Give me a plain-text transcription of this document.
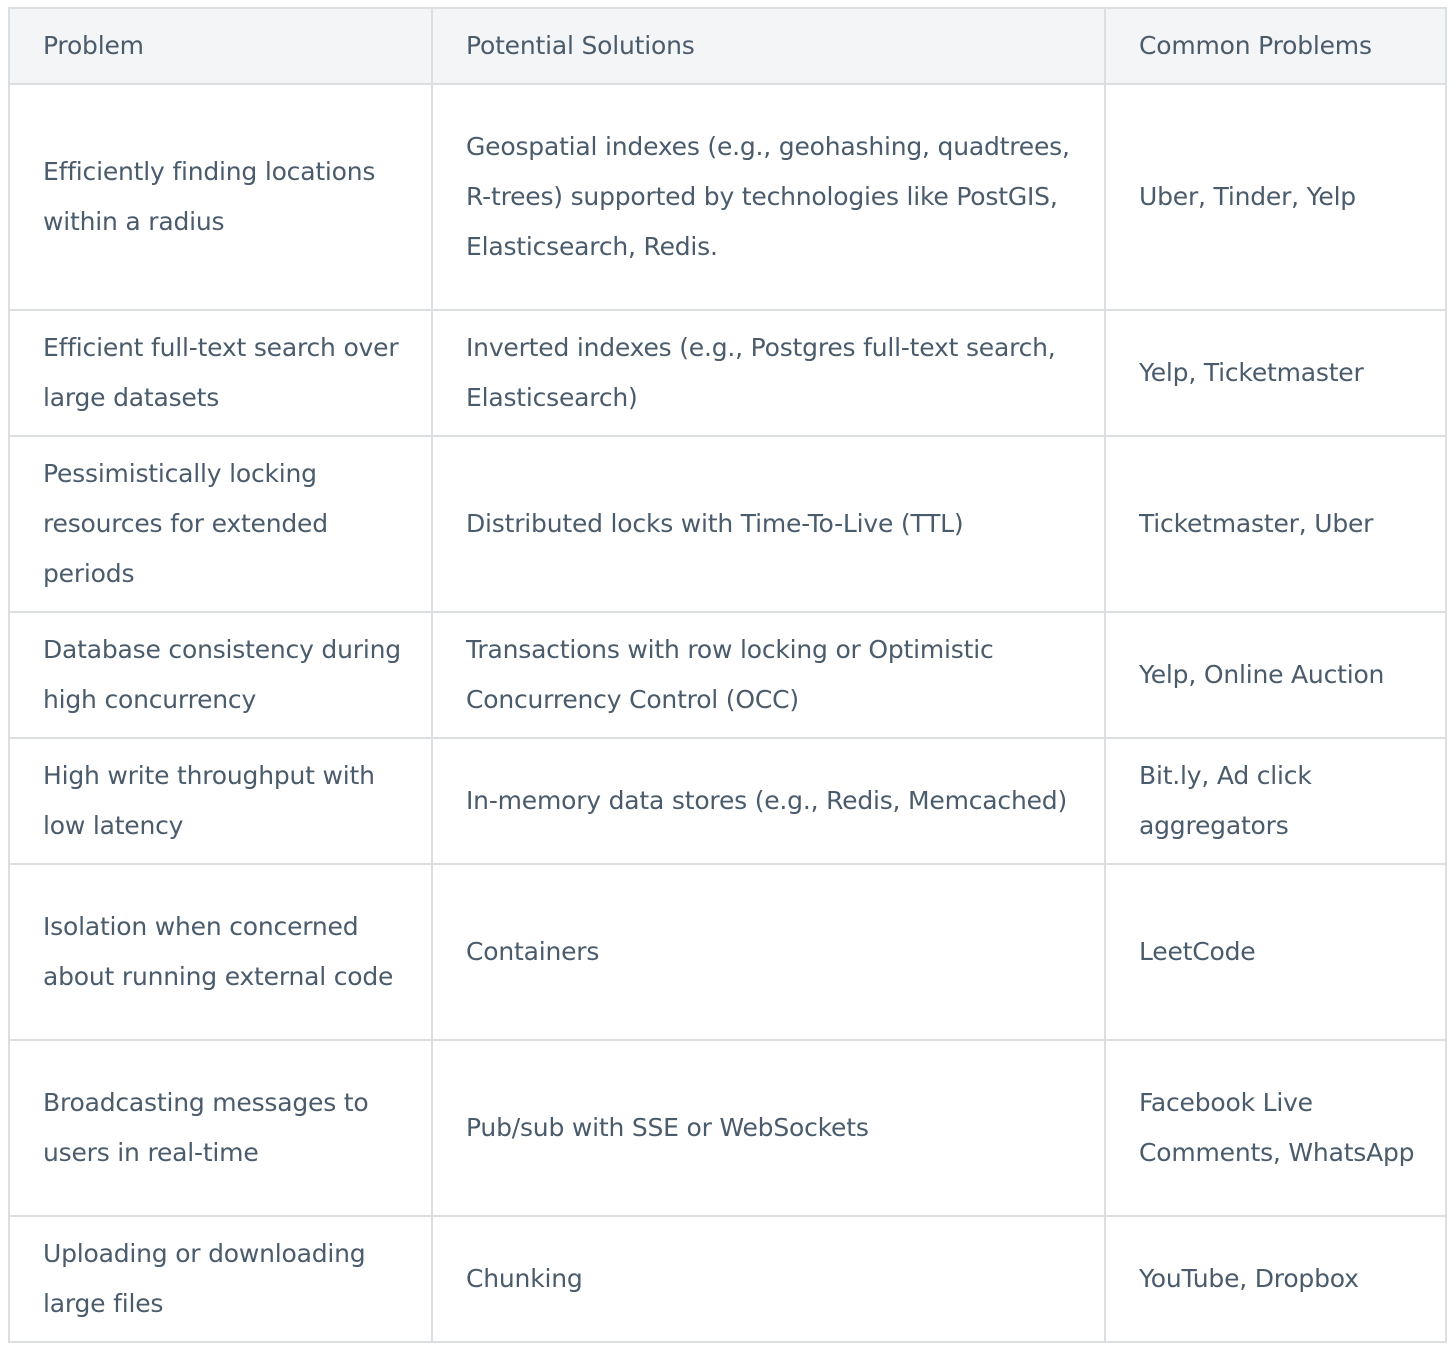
Problem	Potential Solutions	Common Problems
Efficiently finding locations within a radius	Geospatial indexes (e.g., geohashing, quadtrees, R-trees) supported by technologies like PostGIS, Elasticsearch, Redis.	Uber, Tinder, Yelp
Efficient full-text search over large datasets	Inverted indexes (e.g., Postgres full-text search, Elasticsearch)	Yelp, Ticketmaster
Pessimistically locking resources for extended periods	Distributed locks with Time-To-Live (TTL)	Ticketmaster, Uber
Database consistency during high concurrency	Transactions with row locking or Optimistic Concurrency Control (OCC)	Yelp, Online Auction
High write throughput with low latency	In-memory data stores (e.g., Redis, Memcached)	Bit.ly, Ad click aggregators
Isolation when concerned about running external code	Containers	LeetCode
Broadcasting messages to users in real-time	Pub/sub with SSE or WebSockets	Facebook Live Comments, WhatsApp
Uploading or downloading large files	Chunking	YouTube, Dropbox
